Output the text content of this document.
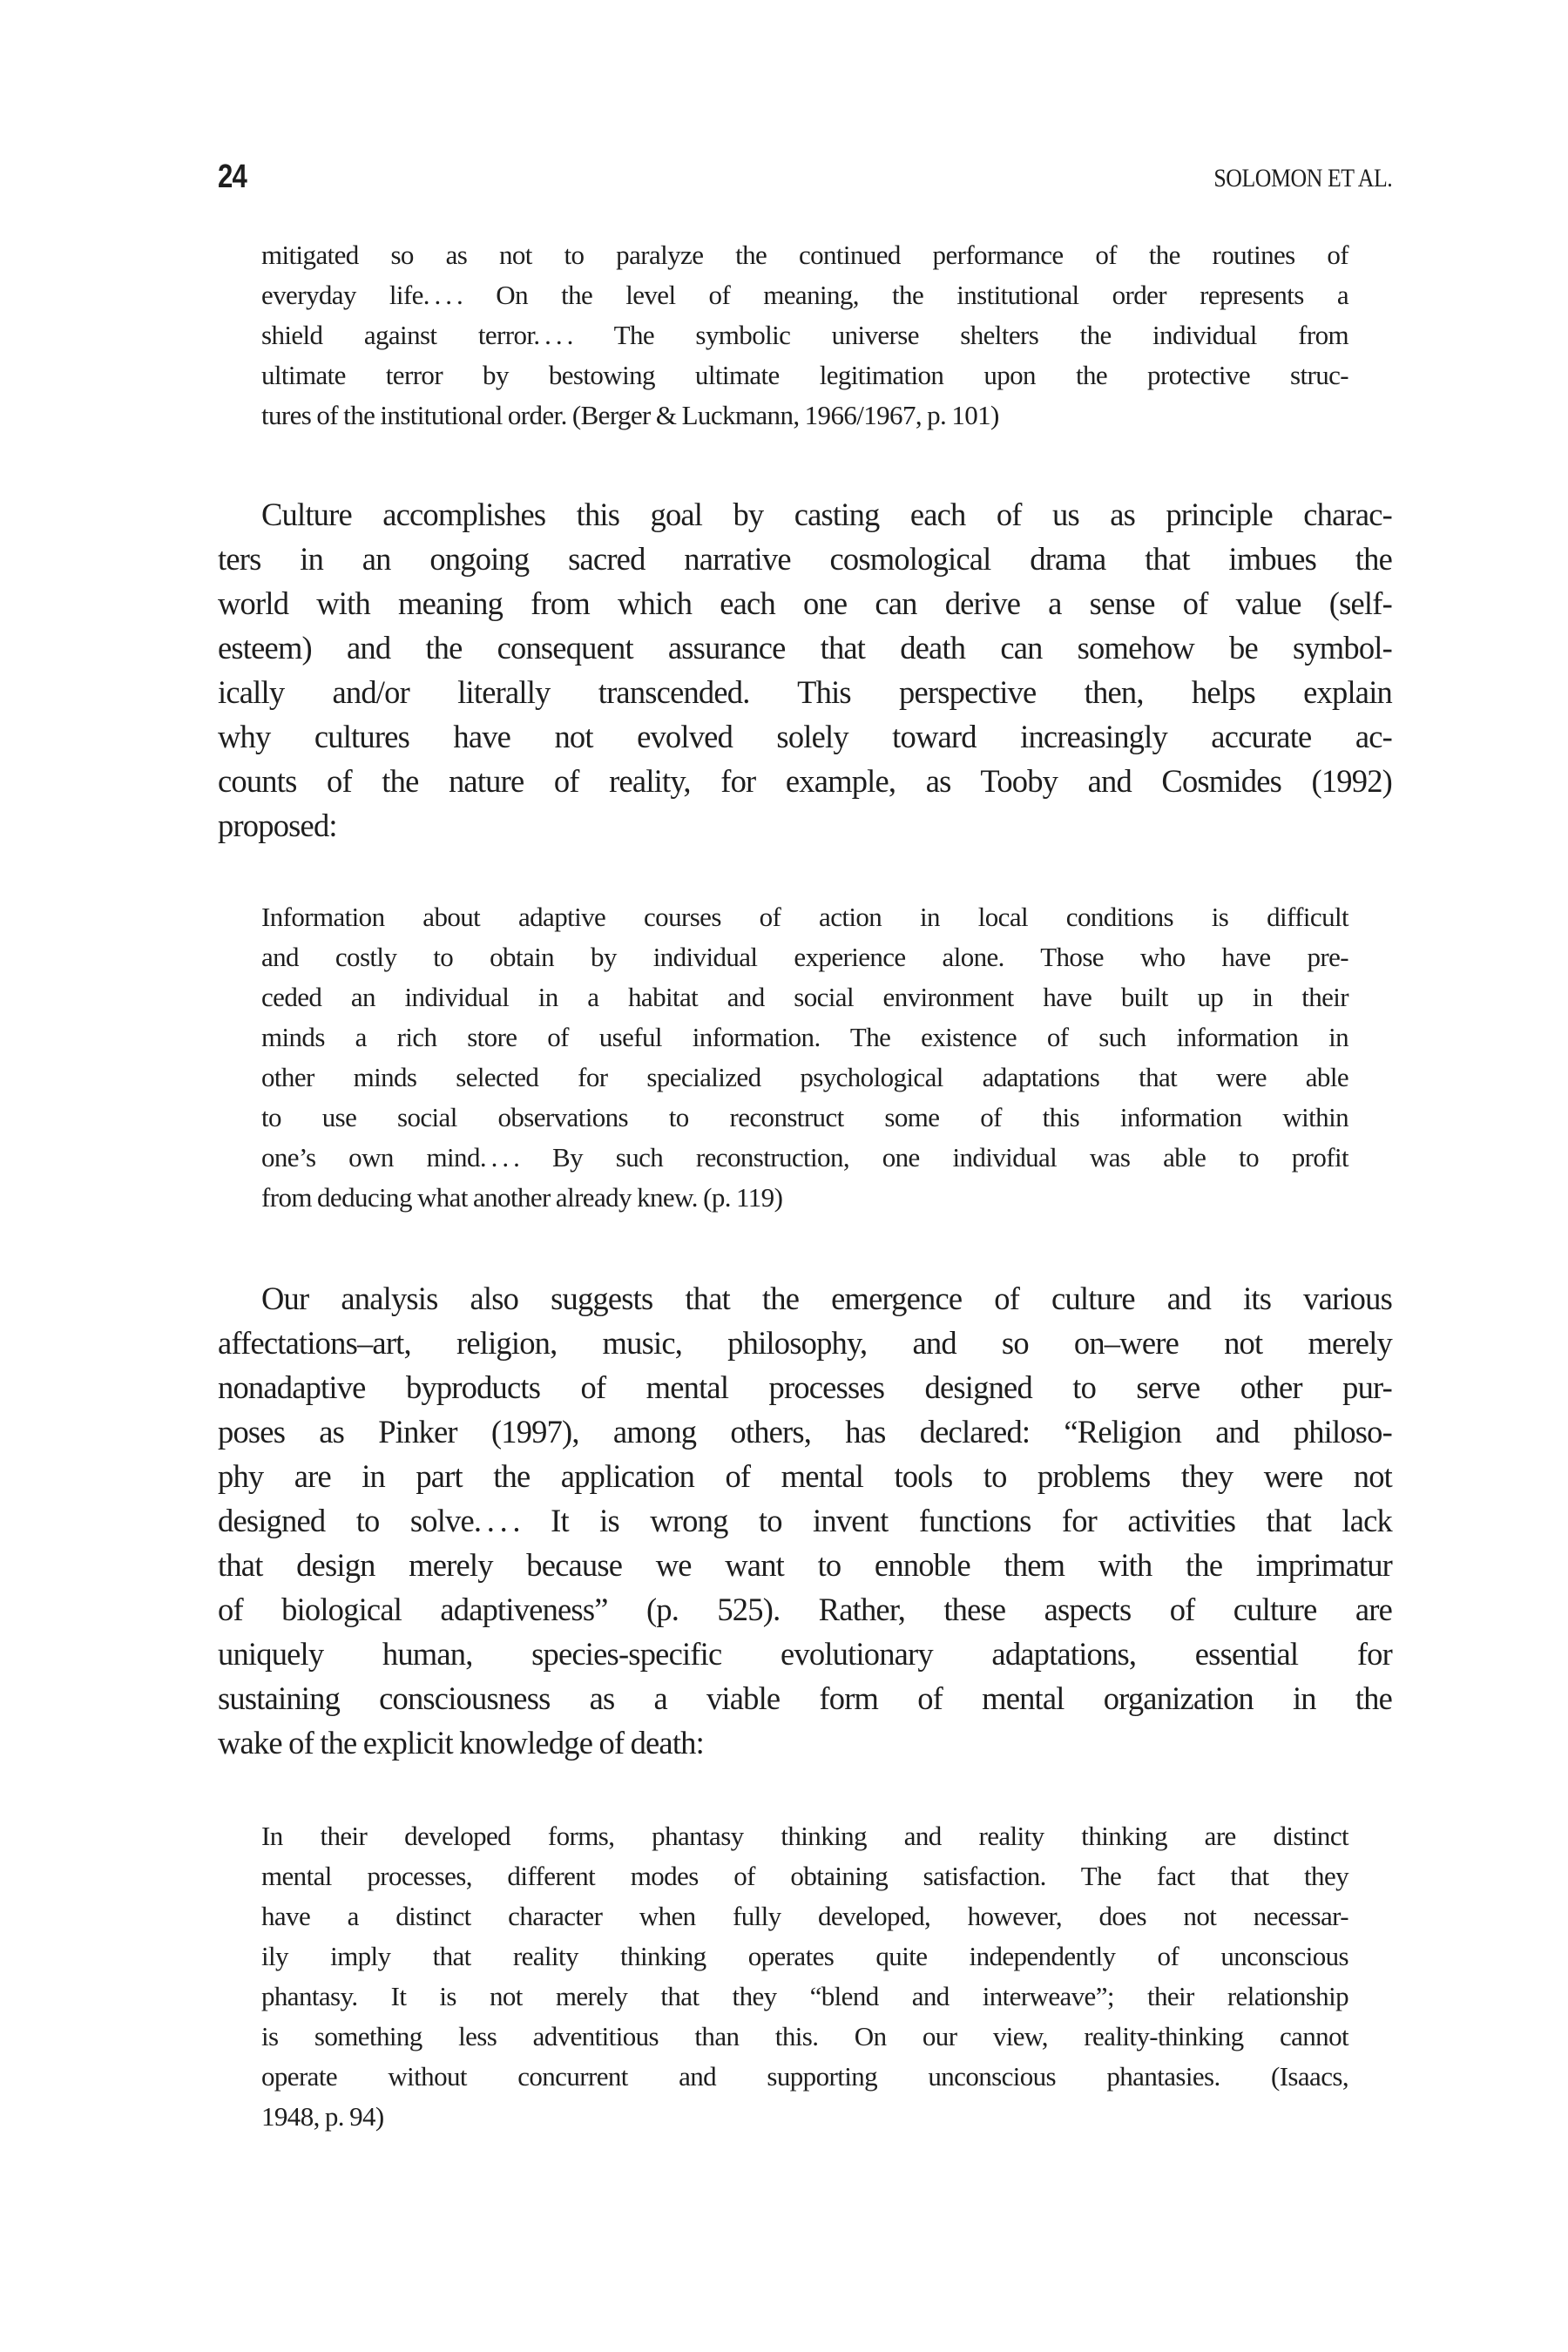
24	SOLOMON ET AL.
mitigated so as not to paralyze the continued performance of the routines of
everyday life. . . . On the level of meaning, the institutional order represents a
shield against terror. . . . The symbolic universe shelters the individual from
ultimate terror by bestowing ultimate legitimation upon the protective struc-
tures of the institutional order. (Berger & Luckmann, 1966/1967, p. 101)
Culture accomplishes this goal by casting each of us as principle charac-
ters in an ongoing sacred narrative cosmological drama that imbues the
world with meaning from which each one can derive a sense of value (self-
esteem) and the consequent assurance that death can somehow be symbol-
ically and/or literally transcended. This perspective then, helps explain
why cultures have not evolved solely toward increasingly accurate ac-
counts of the nature of reality, for example, as Tooby and Cosmides (1992)
proposed:
Information about adaptive courses of action in local conditions is difficult
and costly to obtain by individual experience alone. Those who have pre-
ceded an individual in a habitat and social environment have built up in their
minds a rich store of useful information. The existence of such information in
other minds selected for specialized psychological adaptations that were able
to use social observations to reconstruct some of this information within
one’s own mind. . . . By such reconstruction, one individual was able to profit
from deducing what another already knew. (p. 119)
Our analysis also suggests that the emergence of culture and its various
affectations–art, religion, music, philosophy, and so on–were not merely
nonadaptive byproducts of mental processes designed to serve other pur-
poses as Pinker (1997), among others, has declared: “Religion and philoso-
phy are in part the application of mental tools to problems they were not
designed to solve. . . . It is wrong to invent functions for activities that lack
that design merely because we want to ennoble them with the imprimatur
of biological adaptiveness” (p. 525). Rather, these aspects of culture are
uniquely human, species-specific evolutionary adaptations, essential for
sustaining consciousness as a viable form of mental organization in the
wake of the explicit knowledge of death:
In their developed forms, phantasy thinking and reality thinking are distinct
mental processes, different modes of obtaining satisfaction. The fact that they
have a distinct character when fully developed, however, does not necessar-
ily imply that reality thinking operates quite independently of unconscious
phantasy. It is not merely that they “blend and interweave”; their relationship
is something less adventitious than this. On our view, reality-thinking cannot
operate without concurrent and supporting unconscious phantasies. (Isaacs,
1948, p. 94)
